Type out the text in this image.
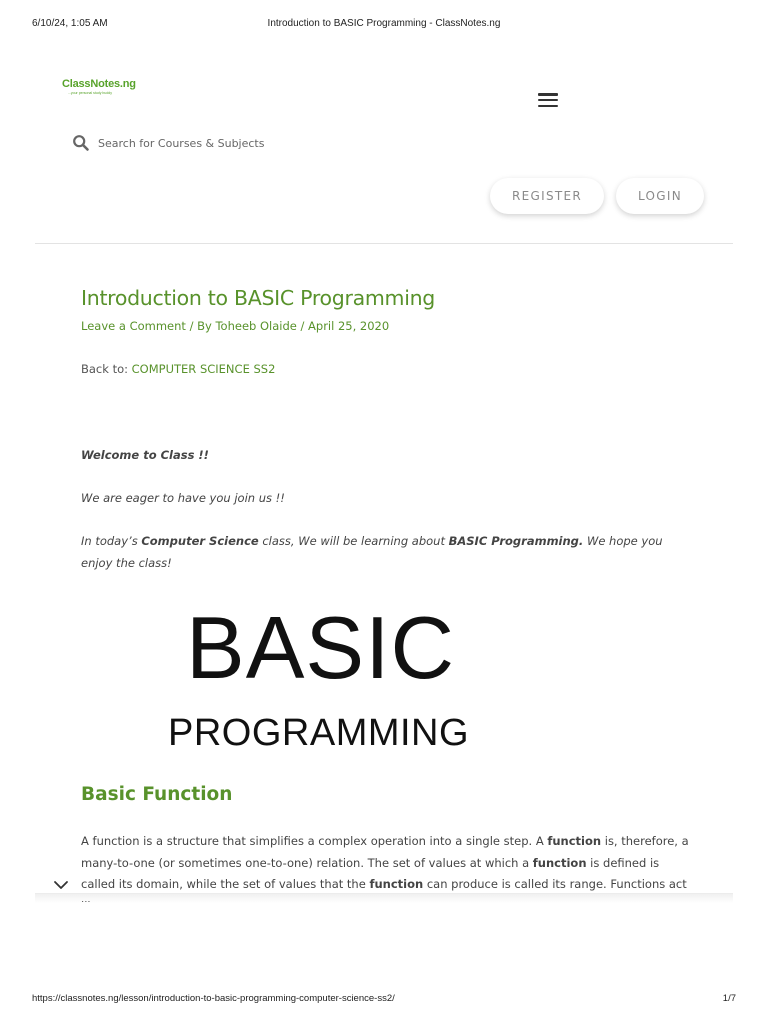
6/10/24, 1:05 AM	Introduction to BASIC Programming - ClassNotes.ng
ClassNotes.ng
...your personal study buddy
Search for Courses & Subjects
REGISTER	LOGIN
Introduction to BASIC Programming
Leave a Comment / By Toheeb Olaide / April 25, 2020
Back to: COMPUTER SCIENCE SS2
Welcome to Class !!
We are eager to have you join us !!
In today’s Computer Science class, We will be learning about BASIC Programming. We hope you enjoy the class!
BASIC
PROGRAMMING
Basic Function
A function is a structure that simplifies a complex operation into a single step. A function is, therefore, a many-to-one (or sometimes one-to-one) relation. The set of values at which a function is defined is called its domain, while the set of values that the function can produce is called its range. Functions act
https://classnotes.ng/lesson/introduction-to-basic-programming-computer-science-ss2/	1/7
